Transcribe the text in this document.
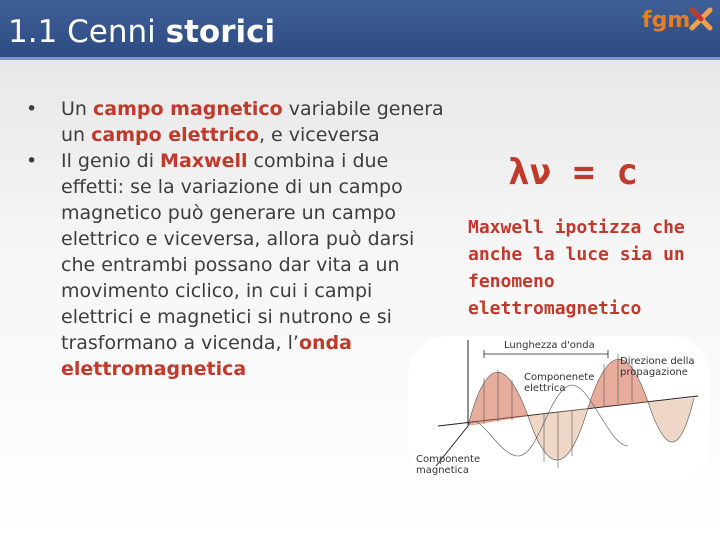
1.1 Cenni storici	fgm
• Un campo magnetico variabile genera un campo elettrico, e viceversa
• Il genio di Maxwell combina i due effetti: se la variazione di un campo magnetico può generare un campo elettrico e viceversa, allora può darsi che entrambi possano dar vita a un movimento ciclico, in cui i campi elettrici e magnetici si nutrono e si trasformano a vicenda, l’onda elettromagnetica
λν = c
Maxwell ipotizza che anche la luce sia un fenomeno elettromagnetico
Lunghezza d'onda
Direzione della propagazione
Componenete elettrica
Componente magnetica
